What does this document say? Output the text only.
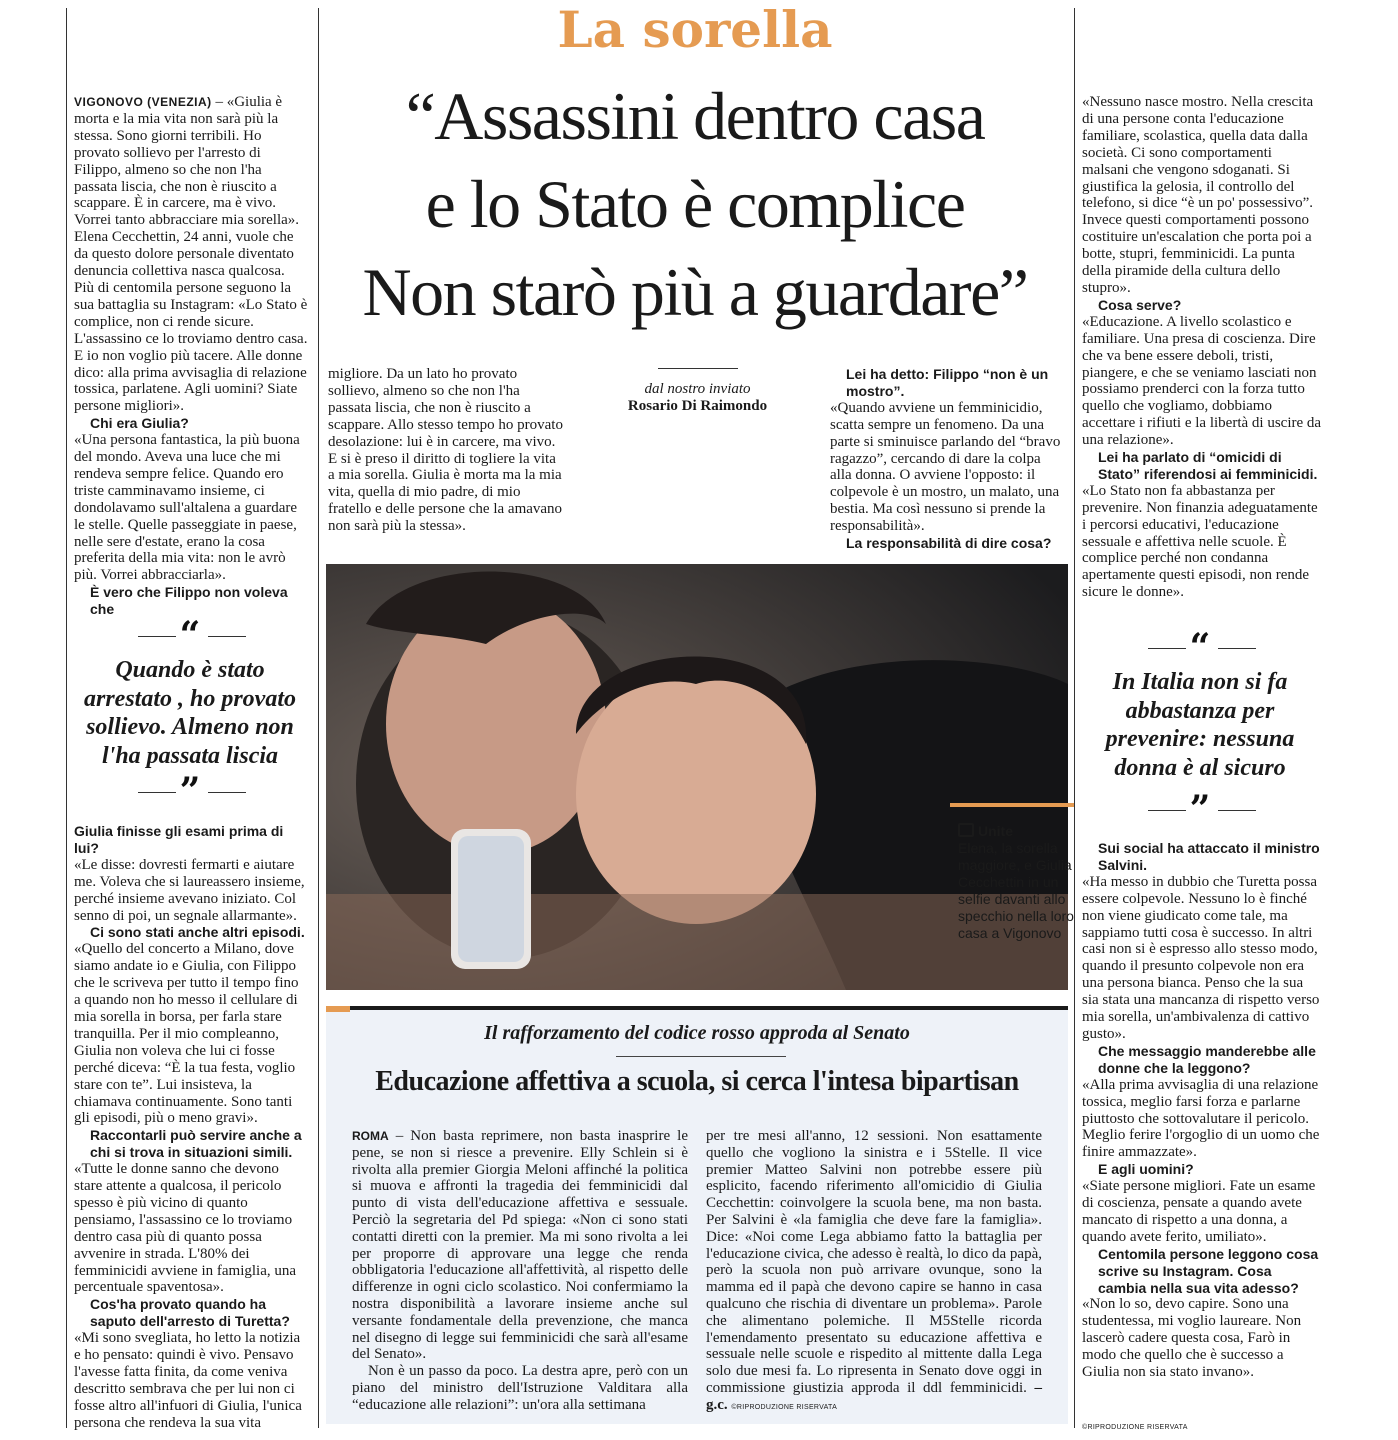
La sorella
“Assassini dentro casa
e lo Stato è complice
Non starò più a guardare”

VIGONOVO (VENEZIA) – «Giulia è morta e la mia vita non sarà più la stessa. Sono giorni terribili. Ho provato sollievo per l'arresto di Filippo, almeno so che non l'ha passata liscia, che non è riuscito a scappare. È in carcere, ma è vivo. Vorrei tanto abbracciare mia sorella». Elena Cecchettin, 24 anni, vuole che da questo dolore personale diventato denuncia collettiva nasca qualcosa. Più di centomila persone seguono la sua battaglia su Instagram: «Lo Stato è complice, non ci rende sicure. L'assassino ce lo troviamo dentro casa. E io non voglio più tacere. Alle donne dico: alla prima avvisaglia di relazione tossica, parlatene. Agli uomini? Siate persone migliori».

Chi era Giulia?

«Una persona fantastica, la più buona del mondo. Aveva una luce che mi rendeva sempre felice. Quando ero triste camminavamo insieme, ci dondolavamo sull'altalena a guardare le stelle. Quelle passeggiate in paese, nelle sere d'estate, erano la cosa preferita della mia vita: non le avrò più. Vorrei abbracciarla».

È vero che Filippo non voleva che

“
Quando è stato arrestato , ho provato sollievo. Almeno non l'ha passata liscia
”

Giulia finisse gli esami prima di lui?

«Le disse: dovresti fermarti e aiutare me. Voleva che si laureassero insieme, perché insieme avevano iniziato. Col senno di poi, un segnale allarmante».

Ci sono stati anche altri episodi.

«Quello del concerto a Milano, dove siamo andate io e Giulia, con Filippo che le scriveva per tutto il tempo fino a quando non ho messo il cellulare di mia sorella in borsa, per farla stare tranquilla. Per il mio compleanno, Giulia non voleva che lui ci fosse perché diceva: “È la tua festa, voglio stare con te”. Lui insisteva, la chiamava continuamente. Sono tanti gli episodi, più o meno gravi».

Raccontarli può servire anche a chi si trova in situazioni simili.

«Tutte le donne sanno che devono stare attente a qualcosa, il pericolo spesso è più vicino di quanto pensiamo, l'assassino ce lo troviamo dentro casa più di quanto possa avvenire in strada. L'80% dei femminicidi avviene in famiglia, una percentuale spaventosa».

Cos'ha provato quando ha saputo dell'arresto di Turetta?

«Mi sono svegliata, ho letto la notizia e ho pensato: quindi è vivo. Pensavo l'avesse fatta finita, da come veniva descritto sembrava che per lui non ci fosse altro all'infuori di Giulia, l'unica persona che rendeva la sua vita

migliore. Da un lato ho provato sollievo, almeno so che non l'ha passata liscia, che non è riuscito a scappare. Allo stesso tempo ho provato desolazione: lui è in carcere, ma vivo. E si è preso il diritto di togliere la vita a mia sorella. Giulia è morta ma la mia vita, quella di mio padre, di mio fratello e delle persone che la amavano non sarà più la stessa».
dal nostro inviato
Rosario Di Raimondo

Lei ha detto: Filippo “non è un mostro”.

«Quando avviene un femminicidio, scatta sempre un fenomeno. Da una parte si sminuisce parlando del “bravo ragazzo”, cercando di dare la colpa alla donna. O avviene l'opposto: il colpevole è un mostro, un malato, una bestia. Ma così nessuno si prende la responsabilità».

La responsabilità di dire cosa?

Unite
Elena, la sorella maggiore, e Giulia Cecchettin in un selfie davanti allo specchio nella loro casa a Vigonovo
Il rafforzamento del codice rosso approda al Senato
Educazione affettiva a scuola, si cerca l'intesa bipartisan

ROMA – Non basta reprimere, non basta inasprire le pene, se non si riesce a prevenire. Elly Schlein si è rivolta alla premier Giorgia Meloni affinché la politica si muova e affronti la tragedia dei femminicidi dal punto di vista dell'educazione affettiva e sessuale. Perciò la segretaria del Pd spiega: «Non ci sono stati contatti diretti con la premier. Ma mi sono rivolta a lei per proporre di approvare una legge che renda obbligatoria l'educazione all'affettività, al rispetto delle differenze in ogni ciclo scolastico. Noi confermiamo la nostra disponibilità a lavorare insieme anche sul versante fondamentale della prevenzione, che manca nel disegno di legge sui femminicidi che sarà all'esame del Senato».

Non è un passo da poco. La destra apre, però con un piano del ministro dell'Istruzione Valditara alla “educazione alle relazioni”: un'ora alla settimana

per tre mesi all'anno, 12 sessioni. Non esattamente quello che vogliono la sinistra e i 5Stelle. Il vice premier Matteo Salvini non potrebbe essere più esplicito, facendo riferimento all'omicidio di Giulia Cecchettin: coinvolgere la scuola bene, ma non basta. Per Salvini è «la famiglia che deve fare la famiglia». Dice: «Noi come Lega abbiamo fatto la battaglia per l'educazione civica, che adesso è realtà, lo dico da papà, però la scuola non può arrivare ovunque, sono la mamma ed il papà che devono capire se hanno in casa qualcuno che rischia di diventare un problema». Parole che alimentano polemiche. Il M5Stelle ricorda l'emendamento presentato su educazione affettiva e sessuale nelle scuole e rispedito al mittente dalla Lega solo due mesi fa. Lo ripresenta in Senato dove oggi in commissione giustizia approda il ddl femminicidi. – g.c. ©RIPRODUZIONE RISERVATA

«Nessuno nasce mostro. Nella crescita di una persone conta l'educazione familiare, scolastica, quella data dalla società. Ci sono comportamenti malsani che vengono sdoganati. Si giustifica la gelosia, il controllo del telefono, si dice “è un po' possessivo”. Invece questi comportamenti possono costituire un'escalation che porta poi a botte, stupri, femminicidi. La punta della piramide della cultura dello stupro».

Cosa serve?

«Educazione. A livello scolastico e familiare. Una presa di coscienza. Dire che va bene essere deboli, tristi, piangere, e che se veniamo lasciati non possiamo prenderci con la forza tutto quello che vogliamo, dobbiamo accettare i rifiuti e la libertà di uscire da una relazione».

Lei ha parlato di “omicidi di Stato” riferendosi ai femminicidi.

«Lo Stato non fa abbastanza per prevenire. Non finanzia adeguatamente i percorsi educativi, l'educazione sessuale e affettiva nelle scuole. È complice perché non condanna apertamente questi episodi, non rende sicure le donne».

“
In Italia non si fa abbastanza per prevenire: nessuna donna è al sicuro
”

Sui social ha attaccato il ministro Salvini.

«Ha messo in dubbio che Turetta possa essere colpevole. Nessuno lo è finché non viene giudicato come tale, ma sappiamo tutti cosa è successo. In altri casi non si è espresso allo stesso modo, quando il presunto colpevole non era una persona bianca. Penso che la sua sia stata una mancanza di rispetto verso mia sorella, un'ambivalenza di cattivo gusto».

Che messaggio manderebbe alle donne che la leggono?

«Alla prima avvisaglia di una relazione tossica, meglio farsi forza e parlarne piuttosto che sottovalutare il pericolo. Meglio ferire l'orgoglio di un uomo che finire ammazzate».

E agli uomini?

«Siate persone migliori. Fate un esame di coscienza, pensate a quando avete mancato di rispetto a una donna, a quando avete ferito, umiliato».

Centomila persone leggono cosa scrive su Instagram. Cosa cambia nella sua vita adesso?

«Non lo so, devo capire. Sono una studentessa, mi voglio laureare. Non lascerò cadere questa cosa, Farò in modo che quello che è successo a Giulia non sia stato invano».

©RIPRODUZIONE RISERVATA
